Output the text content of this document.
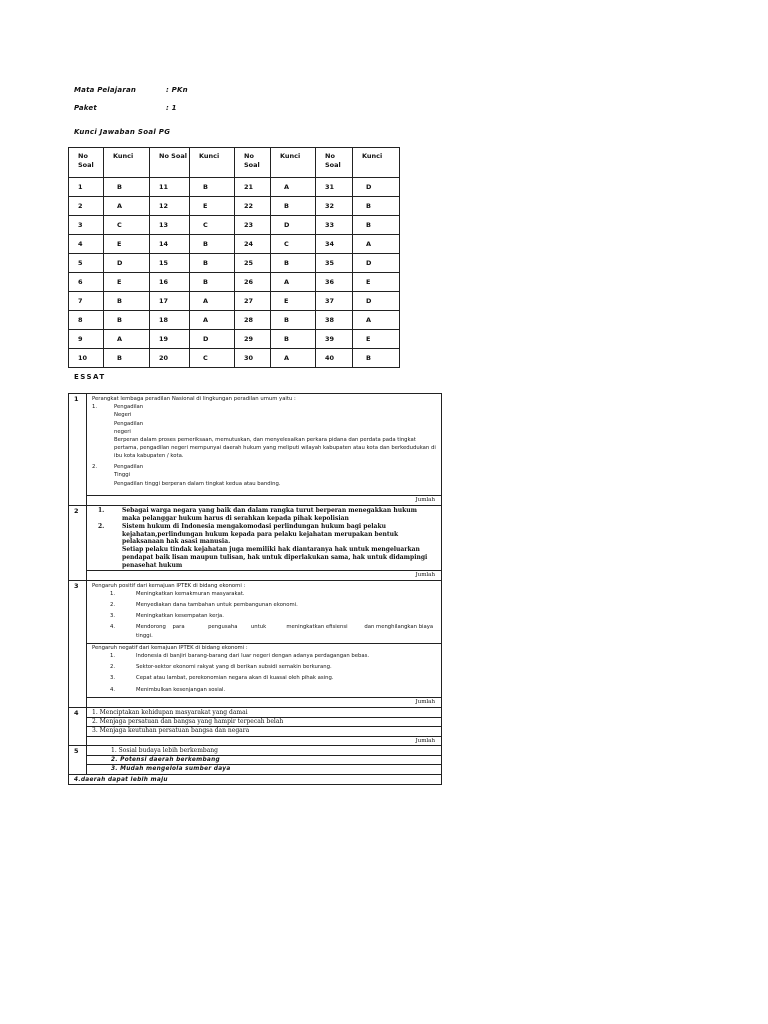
Mata Pelajaran	: PKn
Paket	: 1
Kunci Jawaban Soal PG
No Soal	Kunci	No Soal	Kunci	No Soal	Kunci	No Soal	Kunci
1	B	11	B	21	A	31	D
2	A	12	E	22	B	32	B
3	C	13	C	23	D	33	B
4	E	14	B	24	C	34	A
5	D	15	B	25	B	35	D
6	E	16	B	26	A	36	E
7	B	17	A	27	E	37	D
8	B	18	A	28	B	38	A
9	A	19	D	29	B	39	E
10	B	20	C	30	A	40	B
ESSAT
1	Perangkat lembaga peradilan Nasional di lingkungan peradilan umum yaitu :
1.	Pengadilan
Negeri
Pengadilan
negeri
Berperan dalam proses pemeriksaan, memutuskan, dan menyelesaikan perkara pidana dan perdata pada tingkat pertama, pengadilan negeri mempunyai daerah hukum yang meliputi wilayah kabupaten atau kota dan berkedudukan di ibu kota kabupaten / kota.
2.	Pengadilan
Tinggi
Pengadilan tinggi berperan dalam tingkat kedua atau banding.
Jumlah
2	1.	Sebagai warga negara yang baik dan dalam rangka turut berperan menegakkan hukum maka pelanggar hukum harus di serahkan kepada pihak kepolisian
2.	Sistem hukum di Indonesia mengakomodasi perlindungan hukum bagi pelaku kejahatan,perlindungan hukum kepada para pelaku kejahatan merupakan bentuk pelaksanaan hak asasi manusia.
Setiap pelaku tindak kejahatan juga memiliki hak diantaranya hak untuk mengeluarkan pendapat baik lisan maupun tulisan, hak untuk diperlakukan sama, hak untuk didampingi penasehat hukum
Jumlah
3	Pengaruh positif dari kemajuan IPTEK di bidang ekonomi :
1.	Meningkatkan kemakmuran masyarakat.
2.	Menyediakan dana tambahan untuk pembangunan ekonomi.
3.	Meningkatkan kesempatan kerja.
4.	Mendorong    para              pengusaha        untuk            meningkatkan efisiensi          dan menghilangkan biaya tinggi.
Pengaruh negatif dari kemajuan IPTEK di bidang ekonomi :
1.	Indonesia di banjiri barang-barang dari luar negeri dengan adanya perdagangan bebas.
2.	Sektor-sektor ekonomi rakyat yang di berikan subsidi semakin berkurang.
3.	Cepat atau lambat, perekonomian negara akan di kuasai oleh pihak asing.
4.	Menimbulkan kesenjangan sosial.
Jumlah
4	1. Menciptakan kehidupan masyarakat yang damai
2. Menjaga persatuan dan bangsa yang hampir terpecah belah
3. Menjaga keutuhan persatuan bangsa dan negara
Jumlah
5	1. Sosial budaya lebih berkembang
2. Potensi daerah berkembang
3. Mudah mengelola sumber daya
4.daerah dapat lebih maju
